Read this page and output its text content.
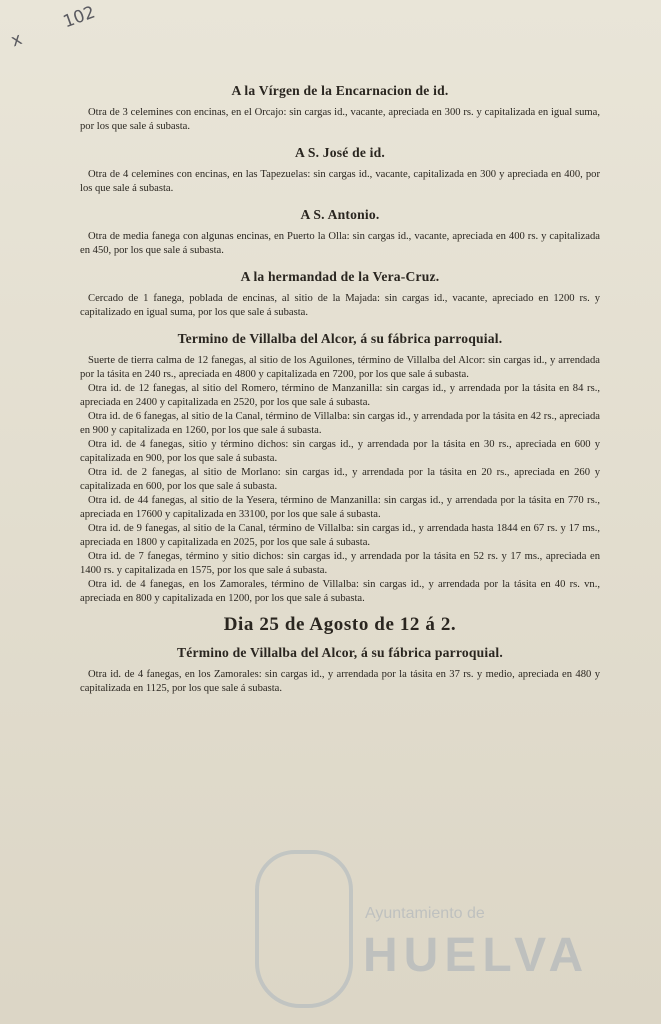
x 102
A la Vírgen de la Encarnacion de id.

Otra de 3 celemines con encinas, en el Orcajo: sin cargas id., vacante, apreciada en 300 rs. y capitalizada en igual suma, por los que sale á subasta.

A S. José de id.

Otra de 4 celemines con encinas, en las Tapezuelas: sin cargas id., vacante, capitalizada en 300 y apreciada en 400, por los que sale á subasta.

A S. Antonio.

Otra de media fanega con algunas encinas, en Puerto la Olla: sin cargas id., vacante, apreciada en 400 rs. y capitalizada en 450, por los que sale á subasta.

A la hermandad de la Vera-Cruz.

Cercado de 1 fanega, poblada de encinas, al sitio de la Majada: sin cargas id., vacante, apreciado en 1200 rs. y capitalizado en igual suma, por los que sale á subasta.

Termino de Villalba del Alcor, á su fábrica parroquial.

Suerte de tierra calma de 12 fanegas, al sitio de los Aguilones, término de Villalba del Alcor: sin cargas id., y arrendada por la tásita en 240 rs., apreciada en 4800 y capitalizada en 7200, por los que sale á subasta.

Otra id. de 12 fanegas, al sitio del Romero, término de Manzanilla: sin cargas id., y arrendada por la tásita en 84 rs., apreciada en 2400 y capitalizada en 2520, por los que sale á subasta.

Otra id. de 6 fanegas, al sitio de la Canal, término de Villalba: sin cargas id., y arrendada por la tásita en 42 rs., apreciada en 900 y capitalizada en 1260, por los que sale á subasta.

Otra id. de 4 fanegas, sitio y término dichos: sin cargas id., y arrendada por la tásita en 30 rs., apreciada en 600 y capitalizada en 900, por los que sale á subasta.

Otra id. de 2 fanegas, al sitio de Morlano: sin cargas id., y arrendada por la tásita en 20 rs., apreciada en 260 y capitalizada en 600, por los que sale á subasta.

Otra id. de 44 fanegas, al sitio de la Yesera, término de Manzanilla: sin cargas id., y arrendada por la tásita en 770 rs., apreciada en 17600 y capitalizada en 33100, por los que sale á subasta.

Otra id. de 9 fanegas, al sitio de la Canal, término de Villalba: sin cargas id., y arrendada hasta 1844 en 67 rs. y 17 ms., apreciada en 1800 y capitalizada en 2025, por los que sale á subasta.

Otra id. de 7 fanegas, término y sitio dichos: sin cargas id., y arrendada por la tásita en 52 rs. y 17 ms., apreciada en 1400 rs. y capitalizada en 1575, por los que sale á subasta.

Otra id. de 4 fanegas, en los Zamorales, término de Villalba: sin cargas id., y arrendada por la tásita en 40 rs. vn., apreciada en 800 y capitalizada en 1200, por los que sale á subasta.

Dia 25 de Agosto de 12 á 2.
Término de Villalba del Alcor, á su fábrica parroquial.

Otra id. de 4 fanegas, en los Zamorales: sin cargas id., y arrendada por la tásita en 37 rs. y medio, apreciada en 480 y capitalizada en 1125, por los que sale á subasta.

Ayuntamiento de
HUELVA
